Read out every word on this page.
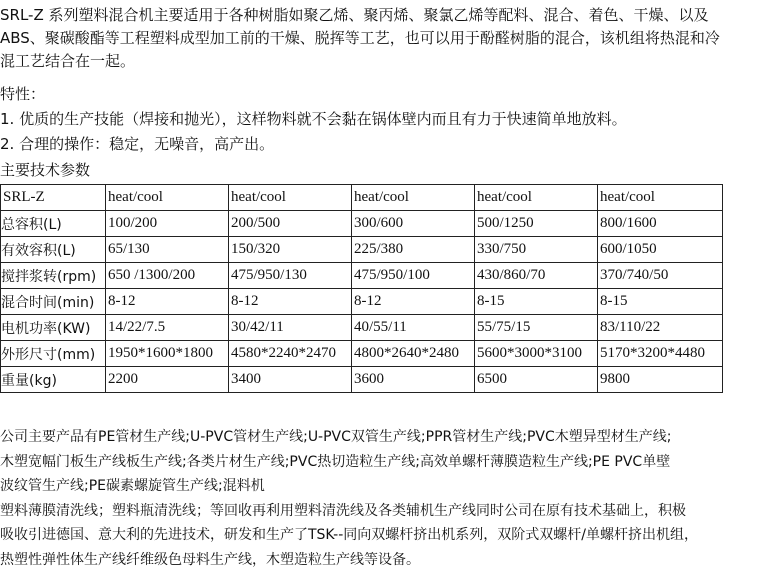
SRL-Z 系列塑料混合机主要适用于各种树脂如聚乙烯、聚丙烯、聚氯乙烯等配料、混合、着色、干燥、以及
ABS、聚碳酸酯等工程塑料成型加工前的干燥、脱挥等工艺，也可以用于酚醛树脂的混合，该机组将热混和冷
混工艺结合在一起。
特性：
1. 优质的生产技能（焊接和抛光），这样物料就不会黏在锅体壁内而且有力于快速简单地放料。
2. 合理的操作：稳定，无噪音，高产出。
主要技术参数
SRL-Z	heat/cool	heat/cool	heat/cool	heat/cool	heat/cool
总容积(L)	100/200	200/500	300/600	500/1250	800/1600
有效容积(L)	65/130	150/320	225/380	330/750	600/1050
搅拌浆转(rpm)	650 /1300/200	475/950/130	475/950/100	430/860/70	370/740/50
混合时间(min)	8-12	8-12	8-12	8-15	8-15
电机功率(KW)	14/22/7.5	30/42/11	40/55/11	55/75/15	83/110/22
外形尺寸(mm)	1950*1600*1800	4580*2240*2470	4800*2640*2480	5600*3000*3100	5170*3200*4480
重量(kg)	2200	3400	3600	6500	9800
公司主要产品有PE管材生产线;U-PVC管材生产线;U-PVC双管生产线;PPR管材生产线;PVC木塑异型材生产线;
木塑宽幅门板生产线板生产线;各类片材生产线;PVC热切造粒生产线;高效单螺杆薄膜造粒生产线;PE PVC单壁
波纹管生产线;PE碳素螺旋管生产线;混料机
塑料薄膜清洗线；塑料瓶清洗线；等回收再利用塑料清洗线及各类辅机生产线同时公司在原有技术基础上，积极
吸收引进德国、意大利的先进技术，研发和生产了TSK--同向双螺杆挤出机系列，双阶式双螺杆/单螺杆挤出机组，
热塑性弹性体生产线纤维级色母料生产线，木塑造粒生产线等设备。
